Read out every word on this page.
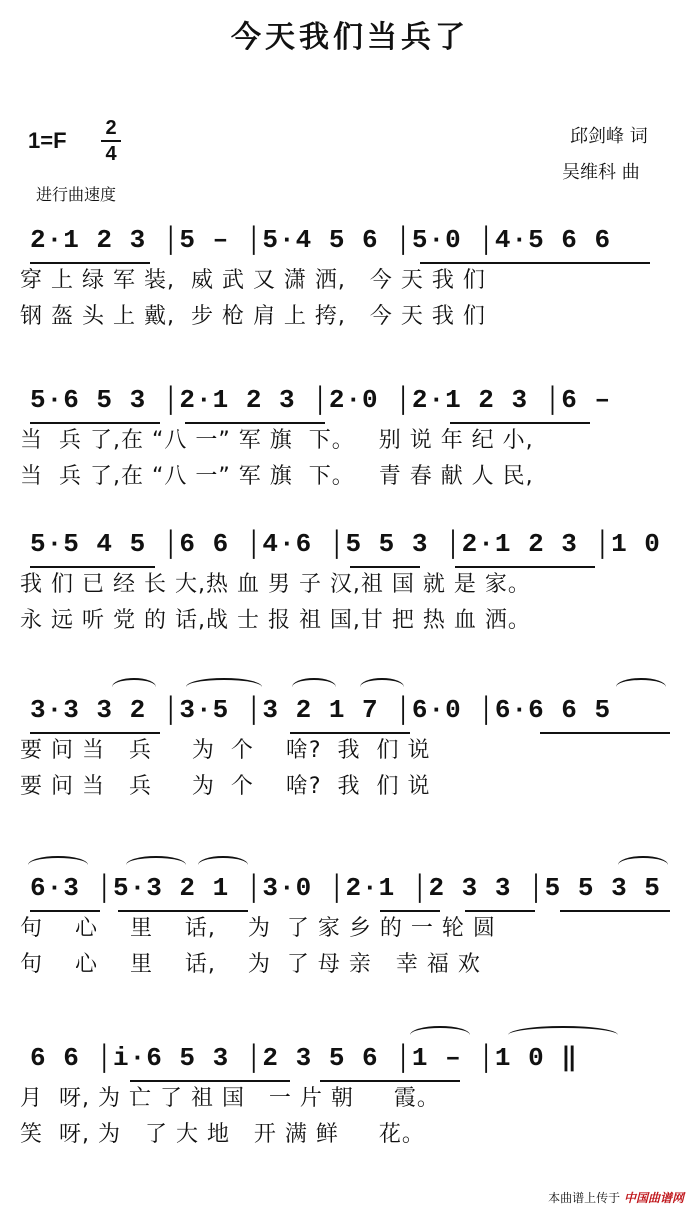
今天我们当兵了
1=F 2
4
进行曲速度
邱剑峰 词
吴维科 曲
2·1 2 3 │5 – │5·4 5 6 │5·0 │4·5 6 6
穿 上 绿 军 装,  威 武 又 潇 洒,   今 天 我 们
钢 盔 头 上 戴,  步 枪 肩 上 挎,   今 天 我 们
5·6 5 3 │2·1 2 3 │2·0 │2·1 2 3 │6 –
当  兵 了,在 “八 一” 军 旗  下。   别 说 年 纪 小,
当  兵 了,在 “八 一” 军 旗  下。   青 春 献 人 民,
5·5 4 5 │6 6 │4·6 │5 5 3 │2·1 2 3 │1 0
我 们 已 经 长 大,热 血 男 子 汉,祖 国 就 是 家。
永 远 听 党 的 话,战 士 报 祖 国,甘 把 热 血 洒。
3·3 3 2 │3·5 │3 2 1 7 │6·0 │6·6 6 5
要 问 当   兵     为  个    啥?  我  们 说
要 问 当   兵     为  个    啥?  我  们 说
6·3 │5·3 2 1 │3·0 │2·1 │2 3 3 │5 5 3 5
句    心    里    话,    为  了 家 乡 的 一 轮 圆
句    心    里    话,    为  了 母 亲   幸 福 欢
6 6 │i·6 5 3 │2 3 5 6 │1 – │1 0 ‖
月  呀, 为 亡 了 祖 国   一 片 朝     霞。
笑  呀, 为   了 大 地   开 满 鲜     花。
本曲谱上传于 中国曲谱网
